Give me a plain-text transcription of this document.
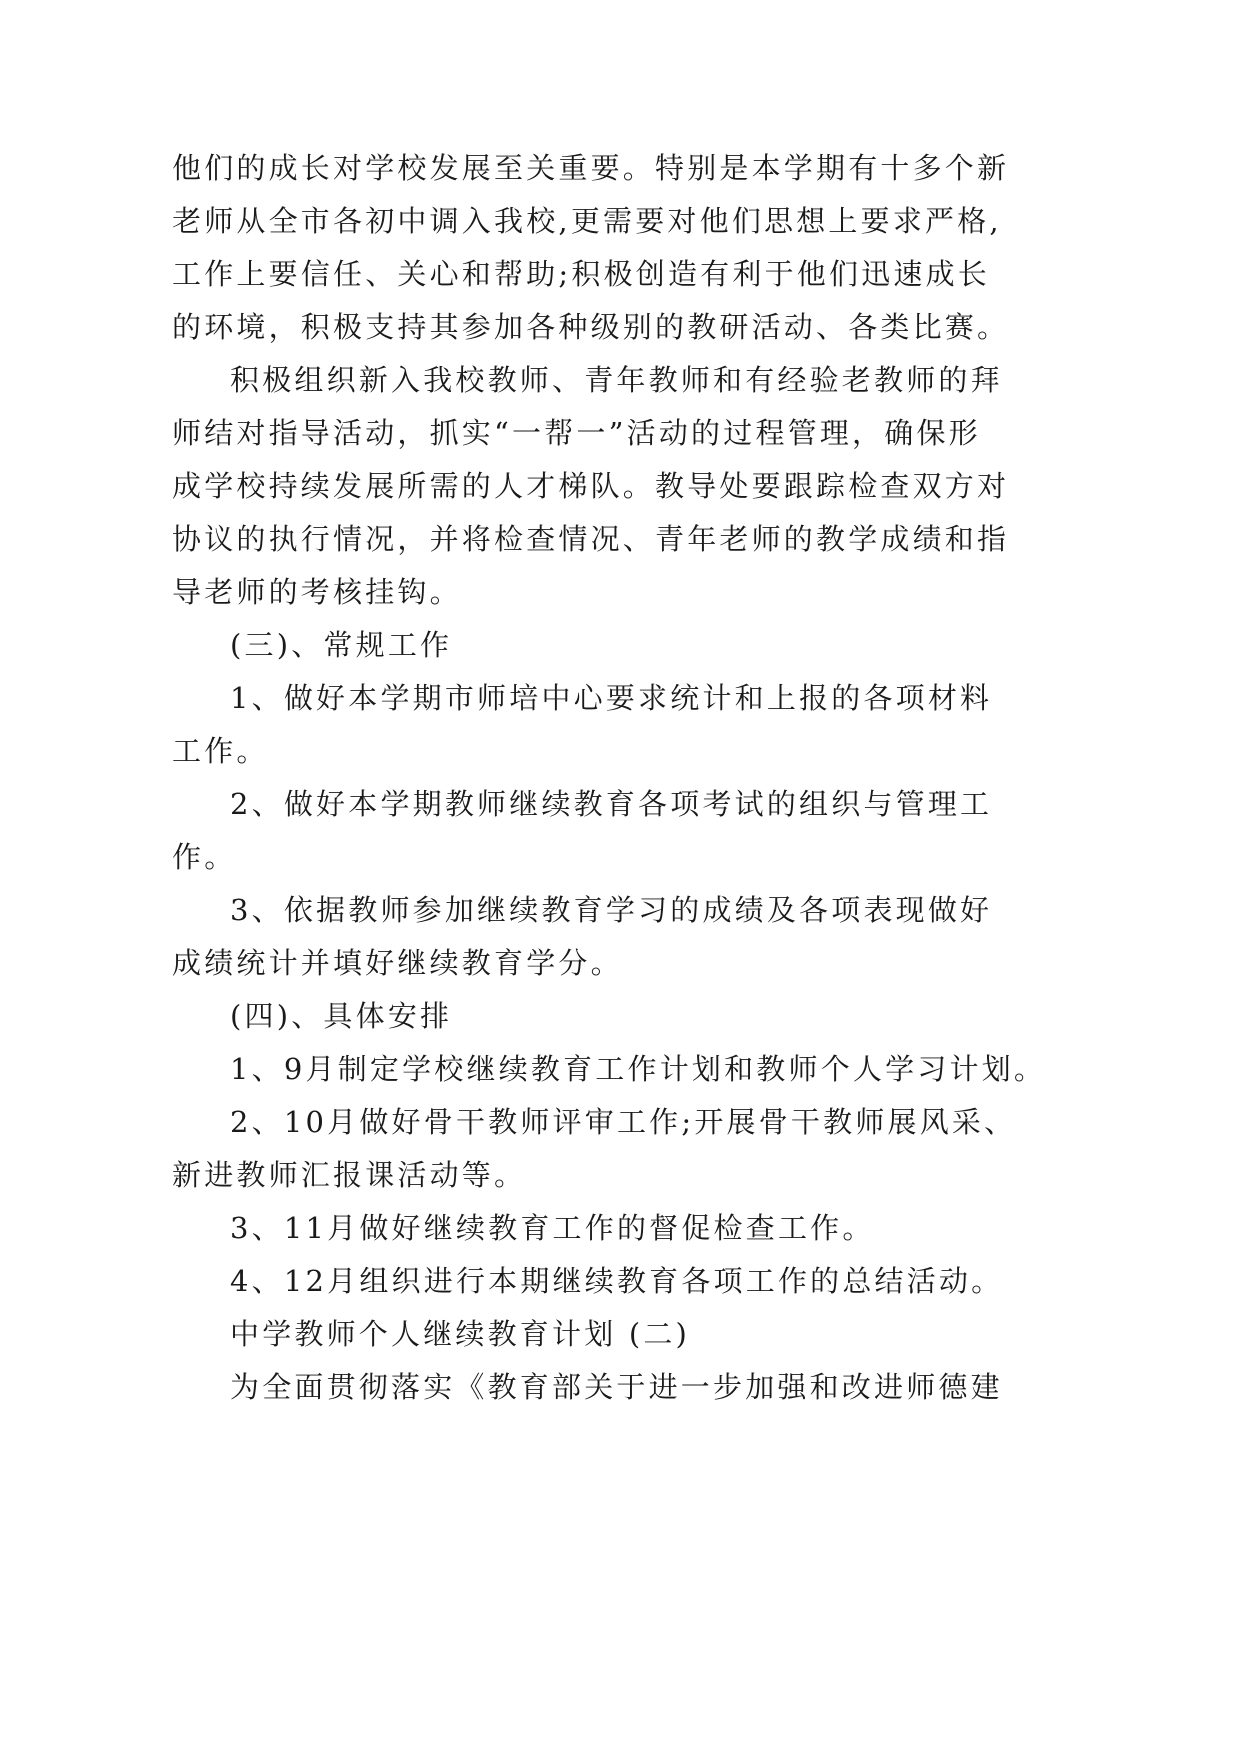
他们的成长对学校发展至关重要。特别是本学期有十多个新
老师从全市各初中调入我校,更需要对他们思想上要求严格,
工作上要信任、关心和帮助;积极创造有利于他们迅速成长
的环境，积极支持其参加各种级别的教研活动、各类比赛。
积极组织新入我校教师、青年教师和有经验老教师的拜
师结对指导活动，抓实“一帮一”活动的过程管理，确保形
成学校持续发展所需的人才梯队。教导处要跟踪检查双方对
协议的执行情况，并将检查情况、青年老师的教学成绩和指
导老师的考核挂钩。
(三)、常规工作
1、做好本学期市师培中心要求统计和上报的各项材料
工作。
2、做好本学期教师继续教育各项考试的组织与管理工
作。
3、依据教师参加继续教育学习的成绩及各项表现做好
成绩统计并填好继续教育学分。
(四)、具体安排
1、9月制定学校继续教育工作计划和教师个人学习计划。
2、10月做好骨干教师评审工作;开展骨干教师展风采、
新进教师汇报课活动等。
3、11月做好继续教育工作的督促检查工作。
4、12月组织进行本期继续教育各项工作的总结活动。
中学教师个人继续教育计划 (二)
为全面贯彻落实《教育部关于进一步加强和改进师德建
